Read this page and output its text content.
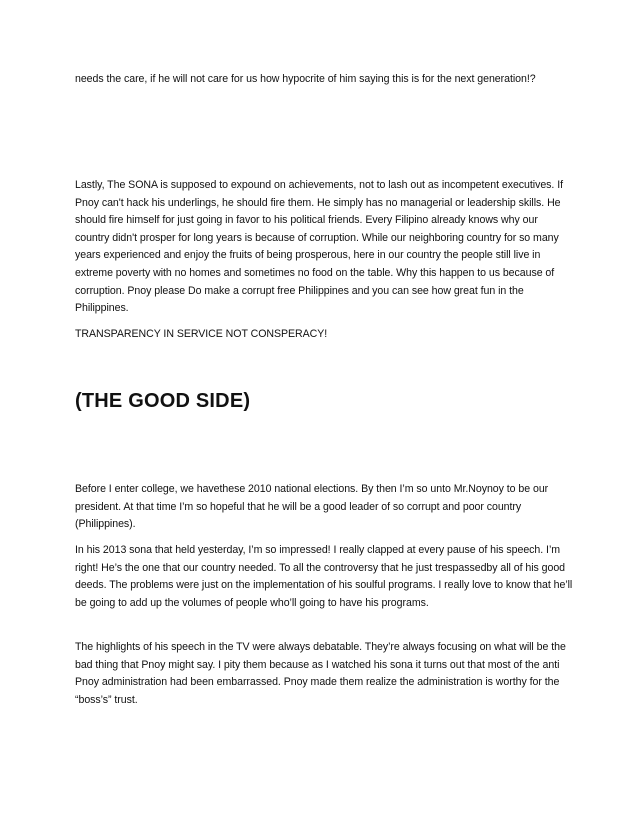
needs the care, if he will not care for us how hypocrite of him saying this is for the next generation!?

Lastly, The SONA is supposed to expound on achievements, not to lash out as incompetent executives. If Pnoy can't hack his underlings, he should fire them. He simply has no managerial or leadership skills. He should fire himself for just going in favor to his political friends. Every Filipino already knows why our country didn't prosper for long years is because of corruption. While our neighboring country for so many years experienced and enjoy the fruits of being prosperous, here in our country the people still live in extreme poverty with no homes and sometimes no food on the table. Why this happen to us because of corruption. Pnoy please Do make a corrupt free Philippines and you can see how great fun in the Philippines.

TRANSPARENCY IN SERVICE NOT CONSPERACY!

(THE GOOD SIDE)

Before I enter college, we havethese 2010 national elections. By then I’m so unto Mr.Noynoy to be our president. At that time I’m so hopeful that he will be a good leader of so corrupt and poor country (Philippines).

In his 2013 sona that held yesterday, I’m so impressed! I really clapped at every pause of his speech. I’m right! He’s the one that our country needed. To all the controversy that he just trespassedby all of his good deeds. The problems were just on the implementation of his soulful programs. I really love to know that he’ll be going to add up the volumes of people who’ll going to have his programs.

The highlights of his speech in the TV were always debatable. They’re always focusing on what will be the bad thing that Pnoy might say. I pity them because as I watched his sona it turns out that most of the anti Pnoy administration had been embarrassed. Pnoy made them realize the administration is worthy for the “boss’s” trust.
